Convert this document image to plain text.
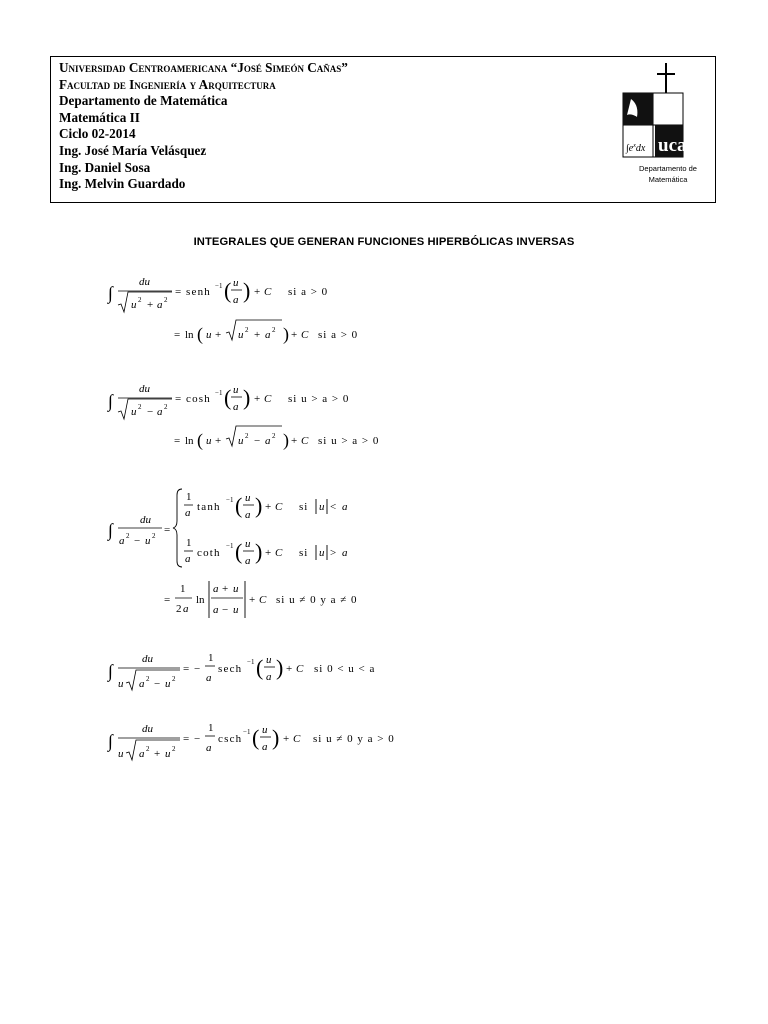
Universidad Centroamericana “José Simeón Cañas”
Facultad de Ingeniería y Arquitectura
Departamento de Matemática
Matemática II
Ciclo 02-2014
Ing. José María Velásquez
Ing. Daniel Sosa
Ing. Melvin Guardado
uca
$\int e^xdx$
Departamento de
Matemática
INTEGRALES QUE GENERAN FUNCIONES HIPERBÓLICAS INVERSAS
∫
du
u 2 + a 2
= senh −1 ( u
a ) + C si a > 0
= ln ( u + u 2 + a 2 ) + C si a > 0
∫
du
u 2 − a 2
= cosh −1 ( u
a ) + C si u > a > 0
= ln ( u + u 2 − a 2 ) + C si u > a > 0
∫ du
a 2 − u 2 =
1
a tanh
−1 ( u
a ) + C si u < a
1
a coth
−1 ( u
a ) + C si u > a
=
1
2 a
ln
a + u
a − u
+ C si u ≠ 0 y a ≠ 0
∫
du
u a 2 − u 2
= −
1
a
sech
−1 ( u
a ) + C si 0 < u < a
∫
du
u a 2 + u 2
= −
1
a
csch
−1 ( u
a ) + C si u ≠ 0 y a > 0
